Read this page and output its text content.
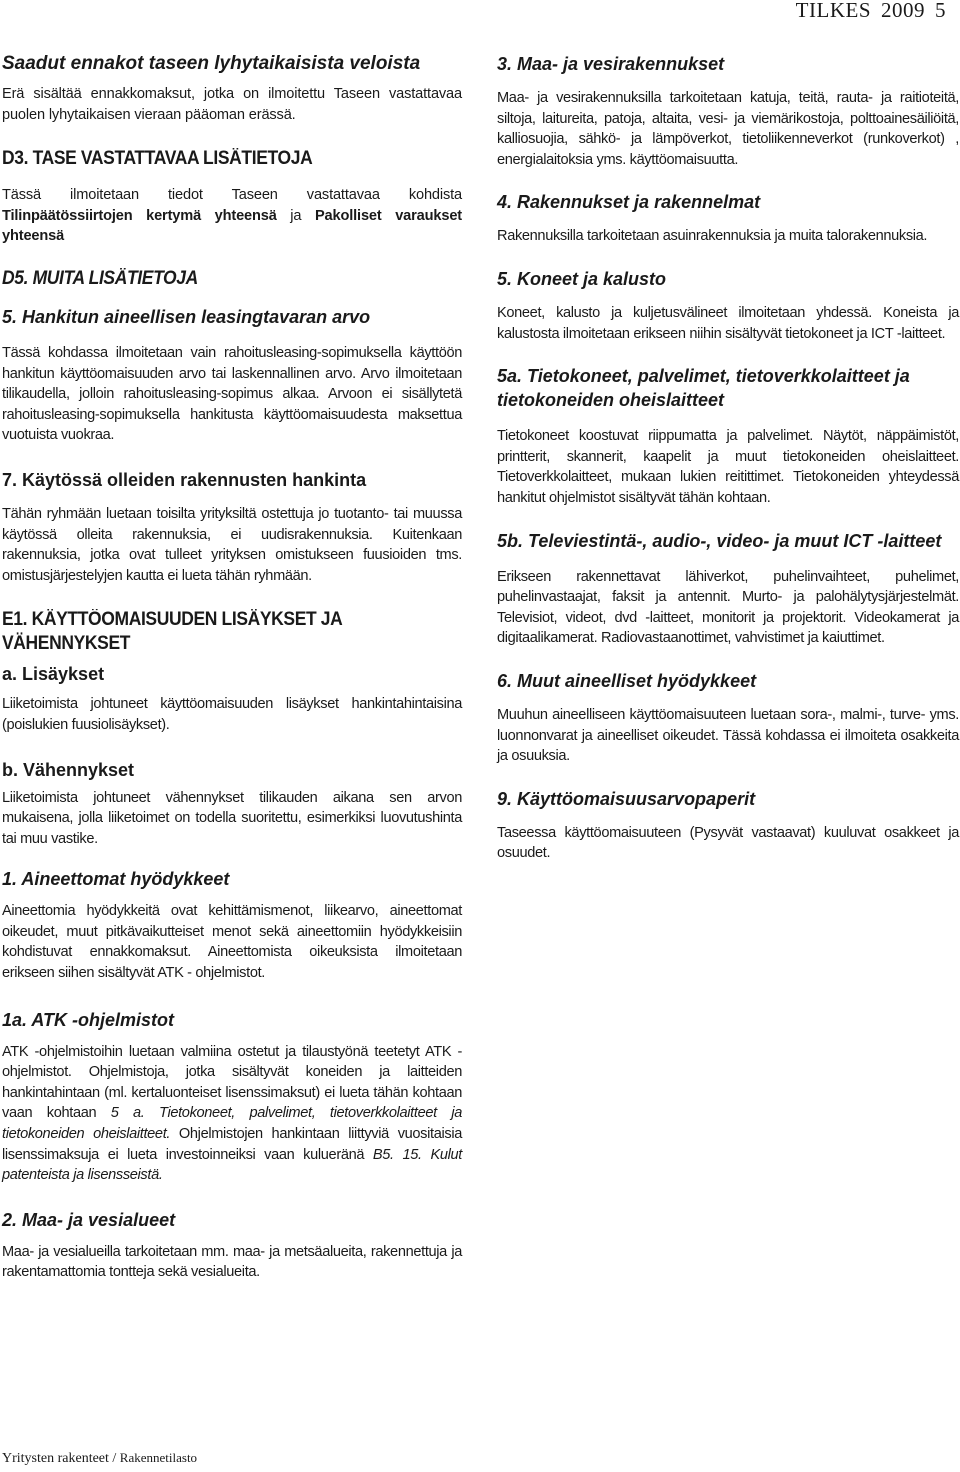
TILKES 2009 5
Saadut ennakot taseen lyhytaikaisista veloista

Erä sisältää ennakkomaksut, jotka on ilmoitettu Taseen vastattavaa puolen lyhytaikaisen vieraan pääoman erässä.

D3. TASE VASTATTAVAA LISÄTIETOJA

Tässä ilmoitetaan tiedot Taseen vastattavaa kohdista Tilinpäätössiirtojen kertymä yhteensä ja Pakolliset varaukset yhteensä

D5. MUITA LISÄTIETOJA
5. Hankitun aineellisen leasingtavaran arvo

Tässä kohdassa ilmoitetaan vain rahoitusleasing-sopimuksella käyttöön hankitun käyttöomaisuuden arvo tai laskennallinen arvo. Arvo ilmoitetaan tilikaudella, jolloin rahoitusleasing-sopimus alkaa. Arvoon ei sisällytetä rahoitusleasing-sopimuksella hankitusta käyttöomaisuudesta maksettua vuotuista vuokraa.

7. Käytössä olleiden rakennusten hankinta

Tähän ryhmään luetaan toisilta yrityksiltä ostettuja jo tuotanto- tai muussa käytössä olleita rakennuksia, ei uudisrakennuksia. Kuitenkaan rakennuksia, jotka ovat tulleet yrityksen omistukseen fuusioiden tms. omistusjärjestelyjen kautta ei lueta tähän ryhmään.

E1. KÄYTTÖOMAISUUDEN LISÄYKSET JA VÄHENNYKSET
a. Lisäykset

Liiketoimista johtuneet käyttöomaisuuden lisäykset hankintahintaisina (poislukien fuusiolisäykset).

b. Vähennykset

Liiketoimista johtuneet vähennykset tilikauden aikana sen arvon mukaisena, jolla liiketoimet on todella suoritettu, esimerkiksi luovutushinta tai muu vastike.

1. Aineettomat hyödykkeet

Aineettomia hyödykkeitä ovat kehittämismenot, liikearvo, aineettomat oikeudet, muut pitkävaikutteiset menot sekä aineettomiin hyödykkeisiin kohdistuvat ennakkomaksut. Aineettomista oikeuksista ilmoitetaan erikseen siihen sisältyvät ATK - ohjelmistot.

1a. ATK -ohjelmistot

ATK -ohjelmistoihin luetaan valmiina ostetut ja tilaustyönä teetetyt ATK -ohjelmistot. Ohjelmistoja, jotka sisältyvät koneiden ja laitteiden hankintahintaan (ml. kertaluonteiset lisenssimaksut) ei lueta tähän kohtaan vaan kohtaan 5 a. Tietokoneet, palvelimet, tietoverkkolaitteet ja tietokoneiden oheislaitteet. Ohjelmistojen hankintaan liittyviä vuositaisia lisenssimaksuja ei lueta investoinneiksi vaan kulueränä B5. 15. Kulut patenteista ja lisensseistä.

2. Maa- ja vesialueet

Maa- ja vesialueilla tarkoitetaan mm. maa- ja metsäalueita, rakennettuja ja rakentamattomia tontteja sekä vesialueita.

3. Maa- ja vesirakennukset

Maa- ja vesirakennuksilla tarkoitetaan katuja, teitä, rauta- ja raitioteitä, siltoja, laitureita, patoja, altaita, vesi- ja viemärikostoja, polttoainesäiliöitä, kalliosuojia, sähkö- ja lämpöverkot, tietoliikenneverkot (runkoverkot) , energialaitoksia yms. käyttöomaisuutta.

4. Rakennukset ja rakennelmat

Rakennuksilla tarkoitetaan asuinrakennuksia ja muita talorakennuksia.

5. Koneet ja kalusto

Koneet, kalusto ja kuljetusvälineet ilmoitetaan yhdessä. Koneista ja kalustosta ilmoitetaan erikseen niihin sisältyvät tietokoneet ja ICT -laitteet.

5a. Tietokoneet, palvelimet, tietoverkkolaitteet ja tietokoneiden oheislaitteet

Tietokoneet koostuvat riippumatta ja palvelimet. Näytöt, näppäimistöt, printterit, skannerit, kaapelit ja muut tietokoneiden oheislaitteet. Tietoverkkolaitteet, mukaan lukien reitittimet. Tietokoneiden yhteydessä hankitut ohjelmistot sisältyvät tähän kohtaan.

5b. Televiestintä-, audio-, video- ja muut ICT -laitteet

Erikseen rakennettavat lähiverkot, puhelinvaihteet, puhelimet, puhelinvastaajat, faksit ja antennit. Murto- ja palohälytysjärjestelmät. Televisiot, videot, dvd -laitteet, monitorit ja projektorit. Videokamerat ja digitaalikamerat. Radiovastaanottimet, vahvistimet ja kaiuttimet.

6. Muut aineelliset hyödykkeet

Muuhun aineelliseen käyttöomaisuuteen luetaan sora-, malmi-, turve- yms. luonnonvarat ja aineelliset oikeudet. Tässä kohdassa ei ilmoiteta osakkeita ja osuuksia.

9. Käyttöomaisuusarvopaperit

Taseessa käyttöomaisuuteen (Pysyvät vastaavat) kuuluvat osakkeet ja osuudet.

Yritysten rakenteet / Rakennetilasto
